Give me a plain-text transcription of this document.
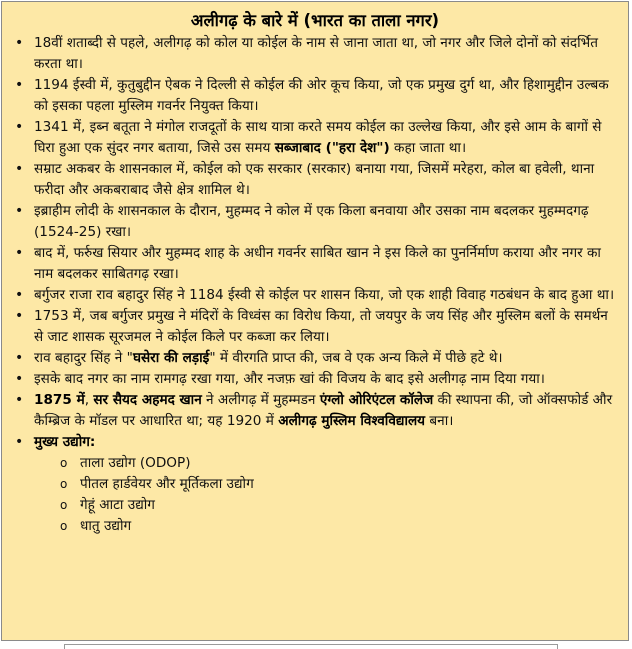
अलीगढ़ के बारे में (भारत का ताला नगर)
• 18वीं शताब्दी से पहले, अलीगढ़ को कोल या कोईल के नाम से जाना जाता था, जो नगर और जिले दोनों को संदर्भित करता था।
• 1194 ईस्वी में, कुतुबुद्दीन ऐबक ने दिल्ली से कोईल की ओर कूच किया, जो एक प्रमुख दुर्ग था, और हिशामुद्दीन उल्बक को इसका पहला मुस्लिम गवर्नर नियुक्त किया।
• 1341 में, इब्न बतूता ने मंगोल राजदूतों के साथ यात्रा करते समय कोईल का उल्लेख किया, और इसे आम के बागों से घिरा हुआ एक सुंदर नगर बताया, जिसे उस समय सब्जाबाद ("हरा देश") कहा जाता था।
• सम्राट अकबर के शासनकाल में, कोईल को एक सरकार (सरकार) बनाया गया, जिसमें मरेहरा, कोल बा हवेली, थाना फरीदा और अकबराबाद जैसे क्षेत्र शामिल थे।
• इब्राहीम लोदी के शासनकाल के दौरान, मुहम्मद ने कोल में एक किला बनवाया और उसका नाम बदलकर मुहम्मदगढ़ (1524-25) रखा।
• बाद में, फर्रुख सियार और मुहम्मद शाह के अधीन गवर्नर साबित खान ने इस किले का पुनर्निर्माण कराया और नगर का नाम बदलकर साबितगढ़ रखा।
• बर्गुजर राजा राव बहादुर सिंह ने 1184 ईस्वी से कोईल पर शासन किया, जो एक शाही विवाह गठबंधन के बाद हुआ था।
• 1753 में, जब बर्गुजर प्रमुख ने मंदिरों के विध्वंस का विरोध किया, तो जयपुर के जय सिंह और मुस्लिम बलों के समर्थन से जाट शासक सूरजमल ने कोईल किले पर कब्जा कर लिया।
• राव बहादुर सिंह ने "घसेरा की लड़ाई" में वीरगति प्राप्त की, जब वे एक अन्य किले में पीछे हटे थे।
• इसके बाद नगर का नाम रामगढ़ रखा गया, और नजफ़ खां की विजय के बाद इसे अलीगढ़ नाम दिया गया।
• 1875 में, सर सैयद अहमद खान ने अलीगढ़ में मुहम्मडन एंग्लो ओरिएंटल कॉलेज की स्थापना की, जो ऑक्सफोर्ड और कैम्ब्रिज के मॉडल पर आधारित था; यह 1920 में अलीगढ़ मुस्लिम विश्वविद्यालय बना।
• मुख्य उद्योग:
o ताला उद्योग (ODOP)
o पीतल हार्डवेयर और मूर्तिकला उद्योग
o गेहूं आटा उद्योग
o धातु उद्योग
